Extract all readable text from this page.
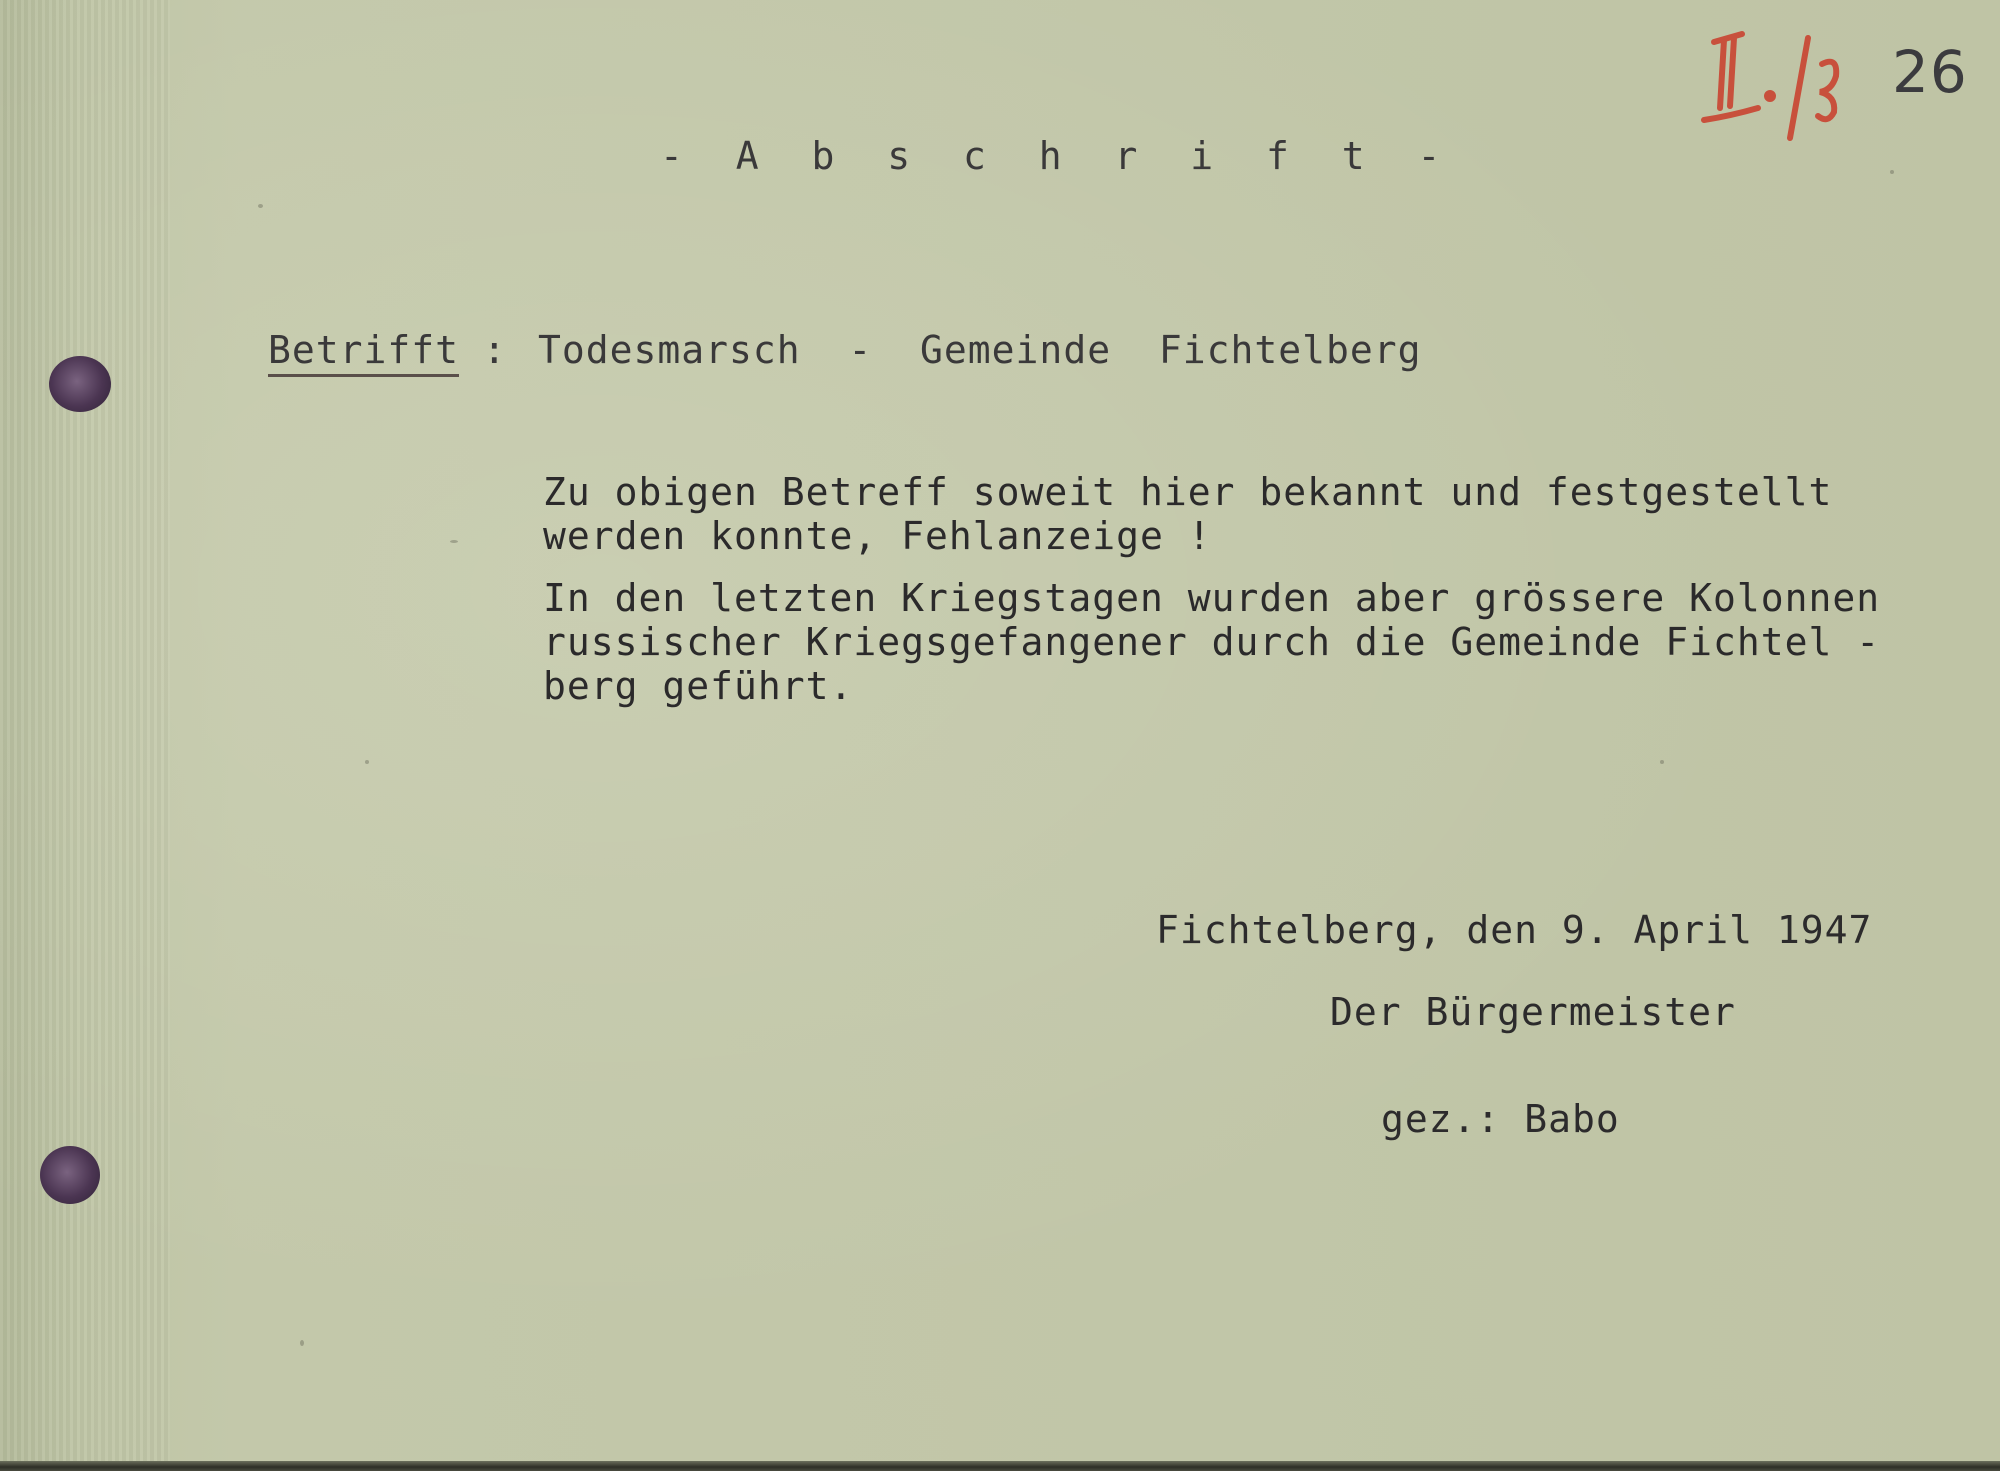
26
- A b s c h r i f t -
Betrifft : Todesmarsch  -  Gemeinde  Fichtelberg
Zu obigen Betreff soweit hier bekannt und festgestellt
werden konnte, Fehlanzeige !
In den letzten Kriegstagen wurden aber grössere Kolonnen
russischer Kriegsgefangener durch die Gemeinde Fichtel -
berg geführt.
Fichtelberg, den 9. April 1947
Der Bürgermeister
gez.: Babo
